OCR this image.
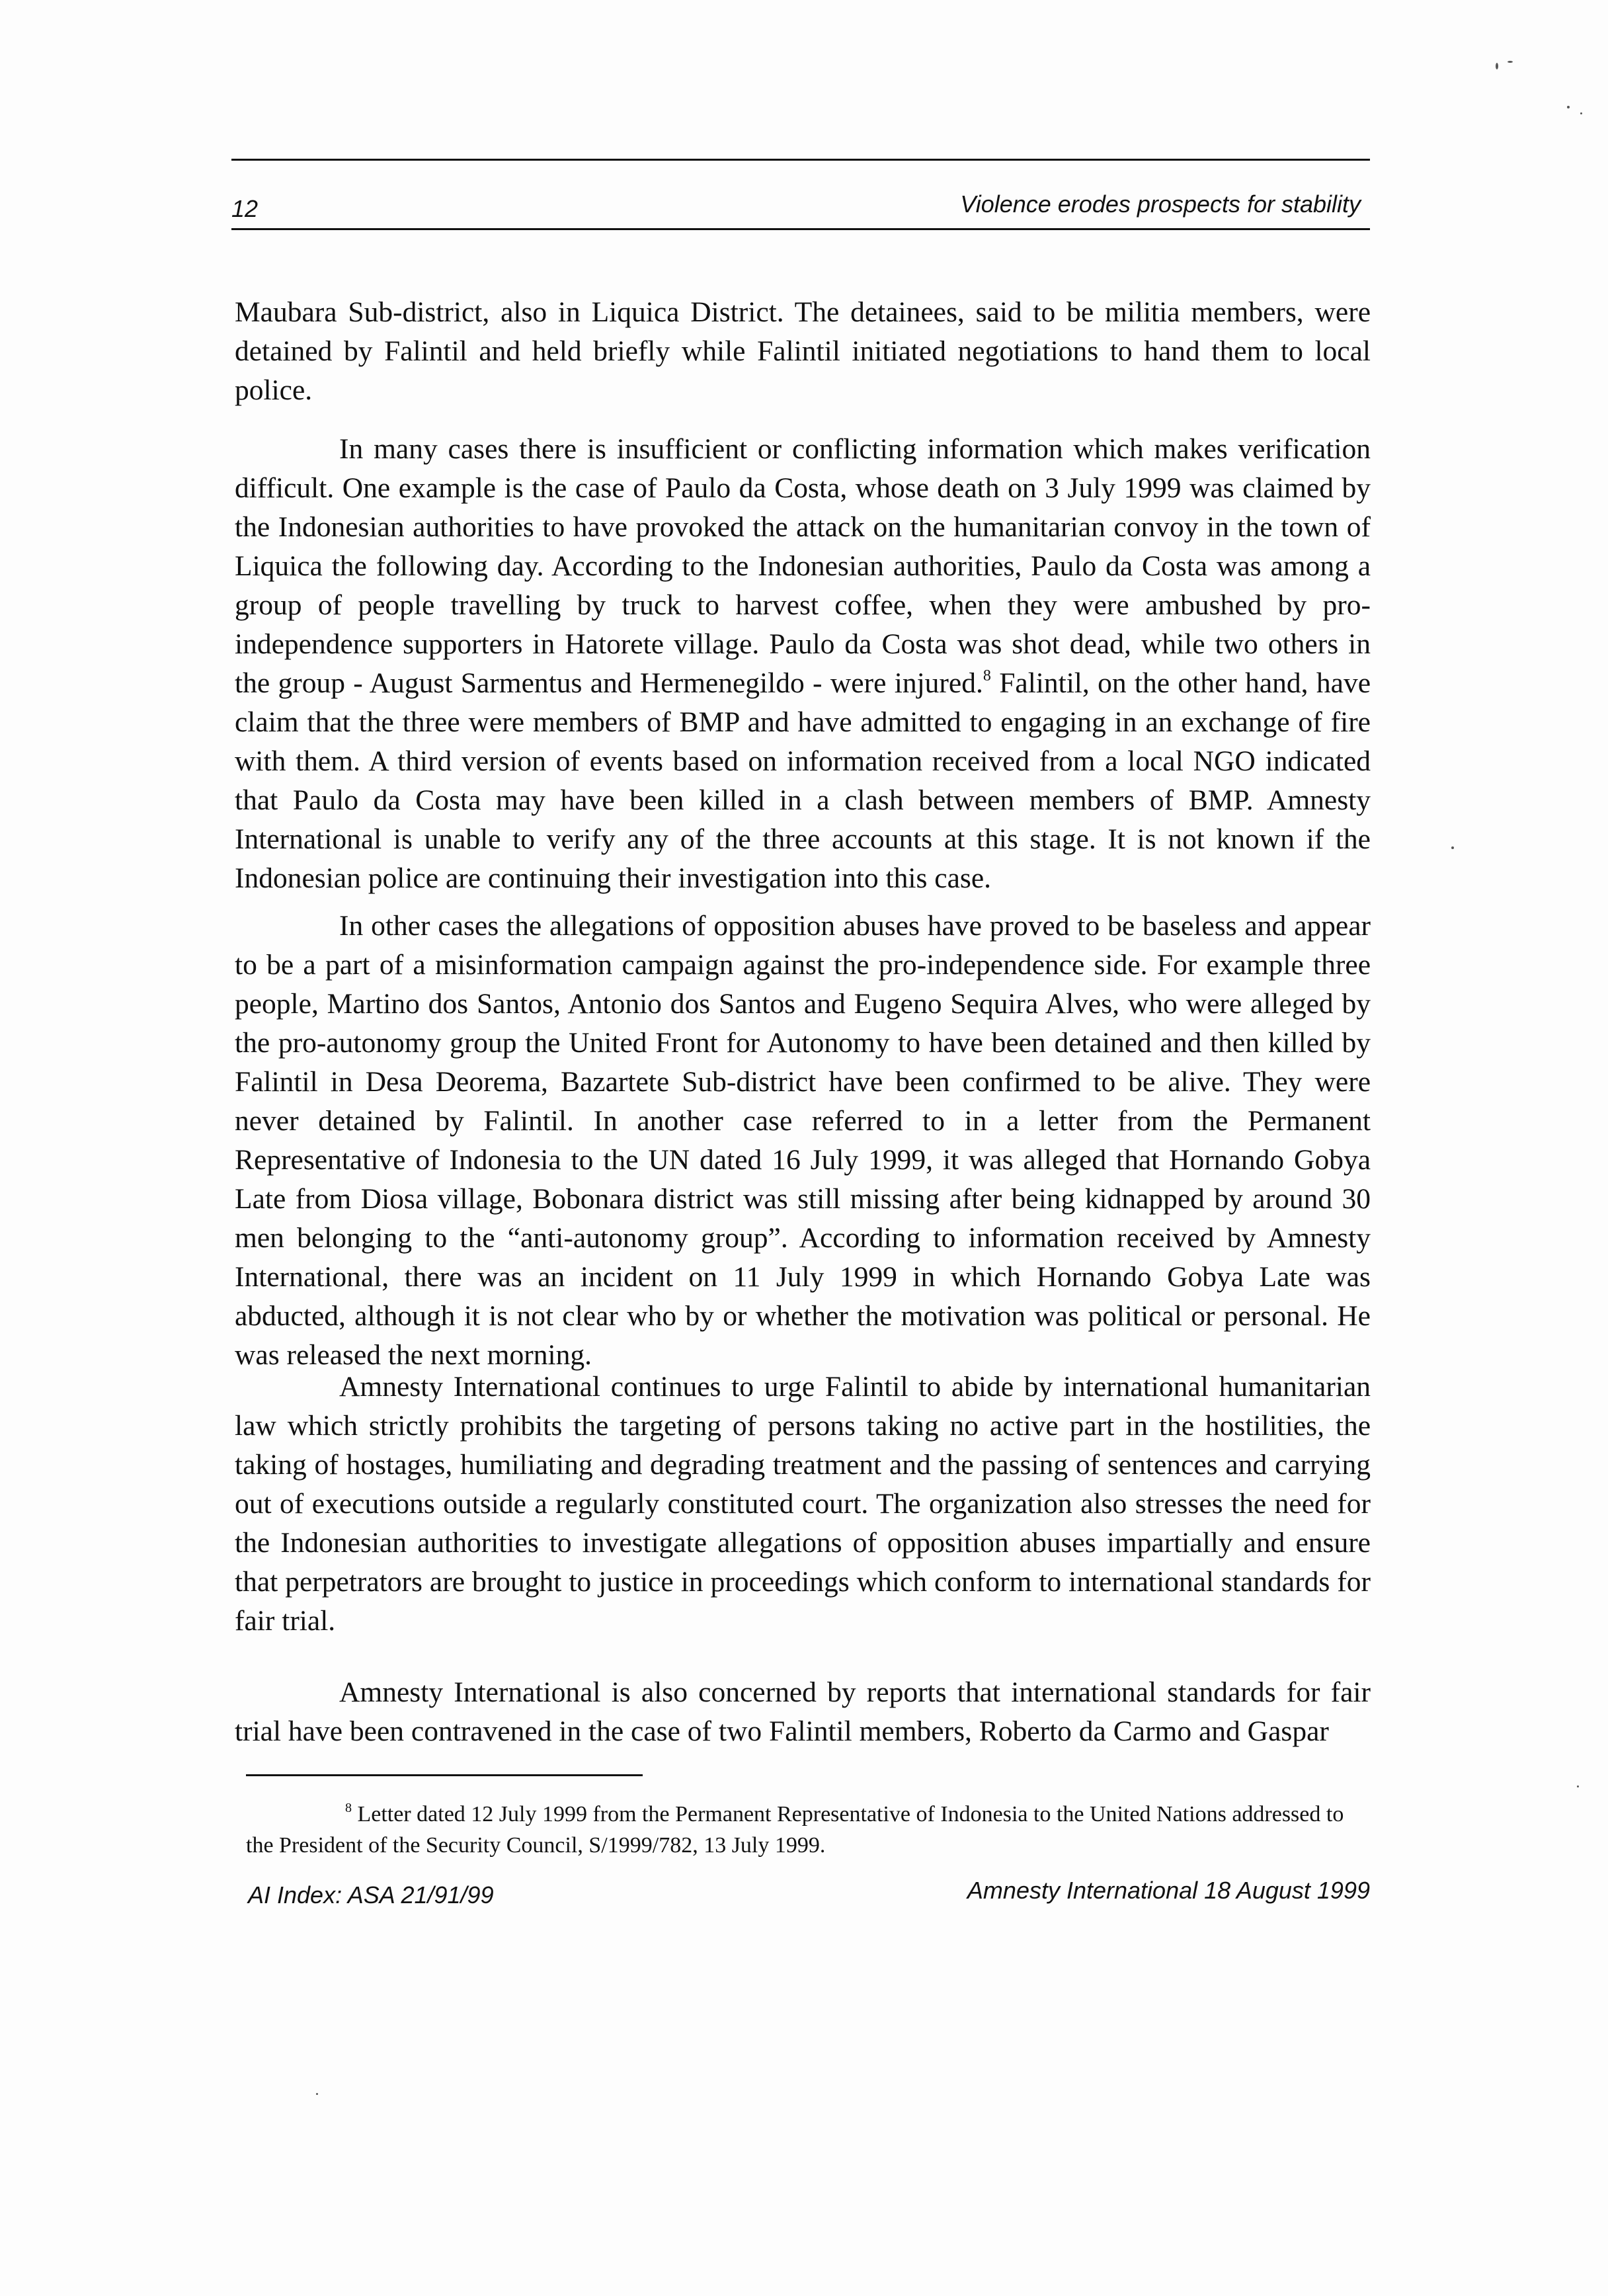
12	Violence erodes prospects for stability

Maubara Sub-district, also in Liquica District. The detainees, said to be militia members, were detained by Falintil and held briefly while Falintil initiated negotiations to hand them to local police.

In many cases there is insufficient or conflicting information which makes verification difficult. One example is the case of Paulo da Costa, whose death on 3 July 1999 was claimed by the Indonesian authorities to have provoked the attack on the humanitarian convoy in the town of Liquica the following day. According to the Indonesian authorities, Paulo da Costa was among a group of people travelling by truck to harvest coffee, when they were ambushed by pro-independence supporters in Hatorete village. Paulo da Costa was shot dead, while two others in the group - August Sarmentus and Hermenegildo - were injured.$^8$ Falintil, on the other hand, have claim that the three were members of BMP and have admitted to engaging in an exchange of fire with them. A third version of events based on information received from a local NGO indicated that Paulo da Costa may have been killed in a clash between members of BMP. Amnesty International is unable to verify any of the three accounts at this stage. It is not known if the Indonesian police are continuing their investigation into this case.

In other cases the allegations of opposition abuses have proved to be baseless and appear to be a part of a misinformation campaign against the pro-independence side. For example three people, Martino dos Santos, Antonio dos Santos and Eugeno Sequira Alves, who were alleged by the pro-autonomy group the United Front for Autonomy to have been detained and then killed by Falintil in Desa Deorema, Bazartete Sub-district have been confirmed to be alive. They were never detained by Falintil. In another case referred to in a letter from the Permanent Representative of Indonesia to the UN dated 16 July 1999, it was alleged that Hornando Gobya Late from Diosa village, Bobonara district was still missing after being kidnapped by around 30 men belonging to the “anti-autonomy group”. According to information received by Amnesty International, there was an incident on 11 July 1999 in which Hornando Gobya Late was abducted, although it is not clear who by or whether the motivation was political or personal. He was released the next morning.

Amnesty International continues to urge Falintil to abide by international humanitarian law which strictly prohibits the targeting of persons taking no active part in the hostilities, the taking of hostages, humiliating and degrading treatment and the passing of sentences and carrying out of executions outside a regularly constituted court. The organization also stresses the need for the Indonesian authorities to investigate allegations of opposition abuses impartially and ensure that perpetrators are brought to justice in proceedings which conform to international standards for fair trial.

Amnesty International is also concerned by reports that international standards for fair trial have been contravened in the case of two Falintil members, Roberto da Carmo and Gaspar

$^8$ Letter dated 12 July 1999 from the Permanent Representative of Indonesia to the United Nations addressed to the President of the Security Council, S/1999/782, 13 July 1999.

AI Index: ASA 21/91/99	Amnesty International 18 August 1999
